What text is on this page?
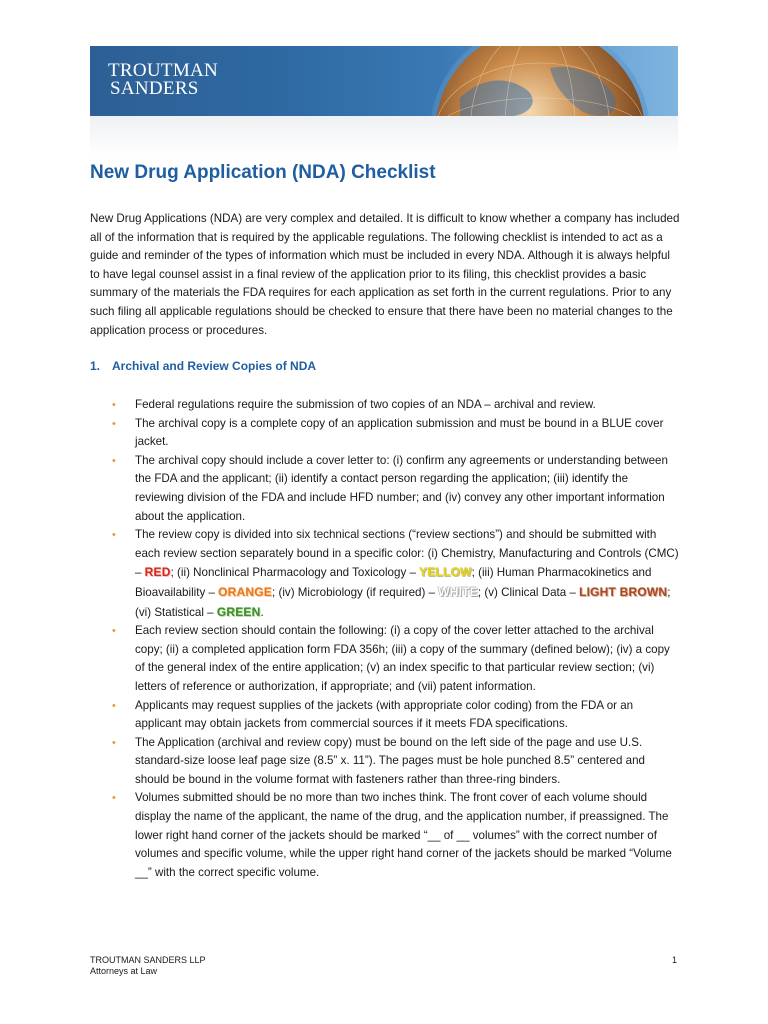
TROUTMAN
SANDERS
New Drug Application (NDA) Checklist

New Drug Applications (NDA) are very complex and detailed. It is difficult to know whether a company has included all of the information that is required by the applicable regulations. The following checklist is intended to act as a guide and reminder of the types of information which must be included in every NDA. Although it is always helpful to have legal counsel assist in a final review of the application prior to its filing, this checklist provides a basic summary of the materials the FDA requires for each application as set forth in the current regulations. Prior to any such filing all applicable regulations should be checked to ensure that there have been no material changes to the application process or procedures.

1. Archival and Review Copies of NDA
• Federal regulations require the submission of two copies of an NDA – archival and review.
• The archival copy is a complete copy of an application submission and must be bound in a BLUE cover jacket.
• The archival copy should include a cover letter to: (i) confirm any agreements or understanding between the FDA and the applicant; (ii) identify a contact person regarding the application; (iii) identify the reviewing division of the FDA and include HFD number; and (iv) convey any other important information about the application.
• The review copy is divided into six technical sections (“review sections”) and should be submitted with each review section separately bound in a specific color: (i) Chemistry, Manufacturing and Controls (CMC) – RED; (ii) Nonclinical Pharmacology and Toxicology – YELLOW; (iii) Human Pharmacokinetics and Bioavailability – ORANGE; (iv) Microbiology (if required) – WHITE; (v) Clinical Data – LIGHT BROWN; (vi) Statistical – GREEN.
• Each review section should contain the following: (i) a copy of the cover letter attached to the archival copy; (ii) a completed application form FDA 356h; (iii) a copy of the summary (defined below); (iv) a copy of the general index of the entire application; (v) an index specific to that particular review section; (vi) letters of reference or authorization, if appropriate; and (vii) patent information.
• Applicants may request supplies of the jackets (with appropriate color coding) from the FDA or an applicant may obtain jackets from commercial sources if it meets FDA specifications.
• The Application (archival and review copy) must be bound on the left side of the page and use U.S. standard-size loose leaf page size (8.5” x. 11”). The pages must be hole punched 8.5” centered and should be bound in the volume format with fasteners rather than three-ring binders.
• Volumes submitted should be no more than two inches think. The front cover of each volume should display the name of the applicant, the name of the drug, and the application number, if preassigned. The lower right hand corner of the jackets should be marked “__ of __ volumes” with the correct number of volumes and specific volume, while the upper right hand corner of the jackets should be marked “Volume __” with the correct specific volume.
TROUTMAN SANDERS LLP
Attorneys at Law
1
